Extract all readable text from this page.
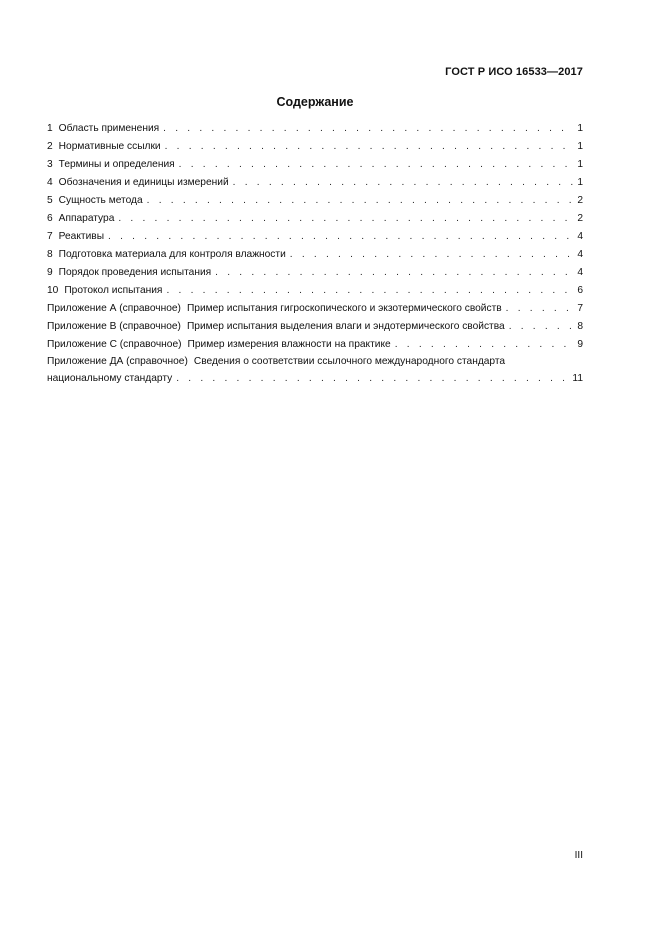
ГОСТ Р ИСО 16533—2017
Содержание
1 Область применения . . .	1
2 Нормативные ссылки . . .	1
3 Термины и определения . . .	1
4 Обозначения и единицы измерений . . .	1
5 Сущность метода . . .	2
6 Аппаратура . . .	2
7 Реактивы . . .	4
8 Подготовка материала для контроля влажности . . .	4
9 Порядок проведения испытания . . .	4
10 Протокол испытания . . .	6
Приложение А (справочное) Пример испытания гигроскопического и экзотермического свойств . . .	7
Приложение В (справочное) Пример испытания выделения влаги и эндотермического свойства . . .	8
Приложение С (справочное) Пример измерения влажности на практике . . .	9
Приложение ДА (справочное) Сведения о соответствии ссылочного международного стандарта
национальному стандарту . . .	11
III
